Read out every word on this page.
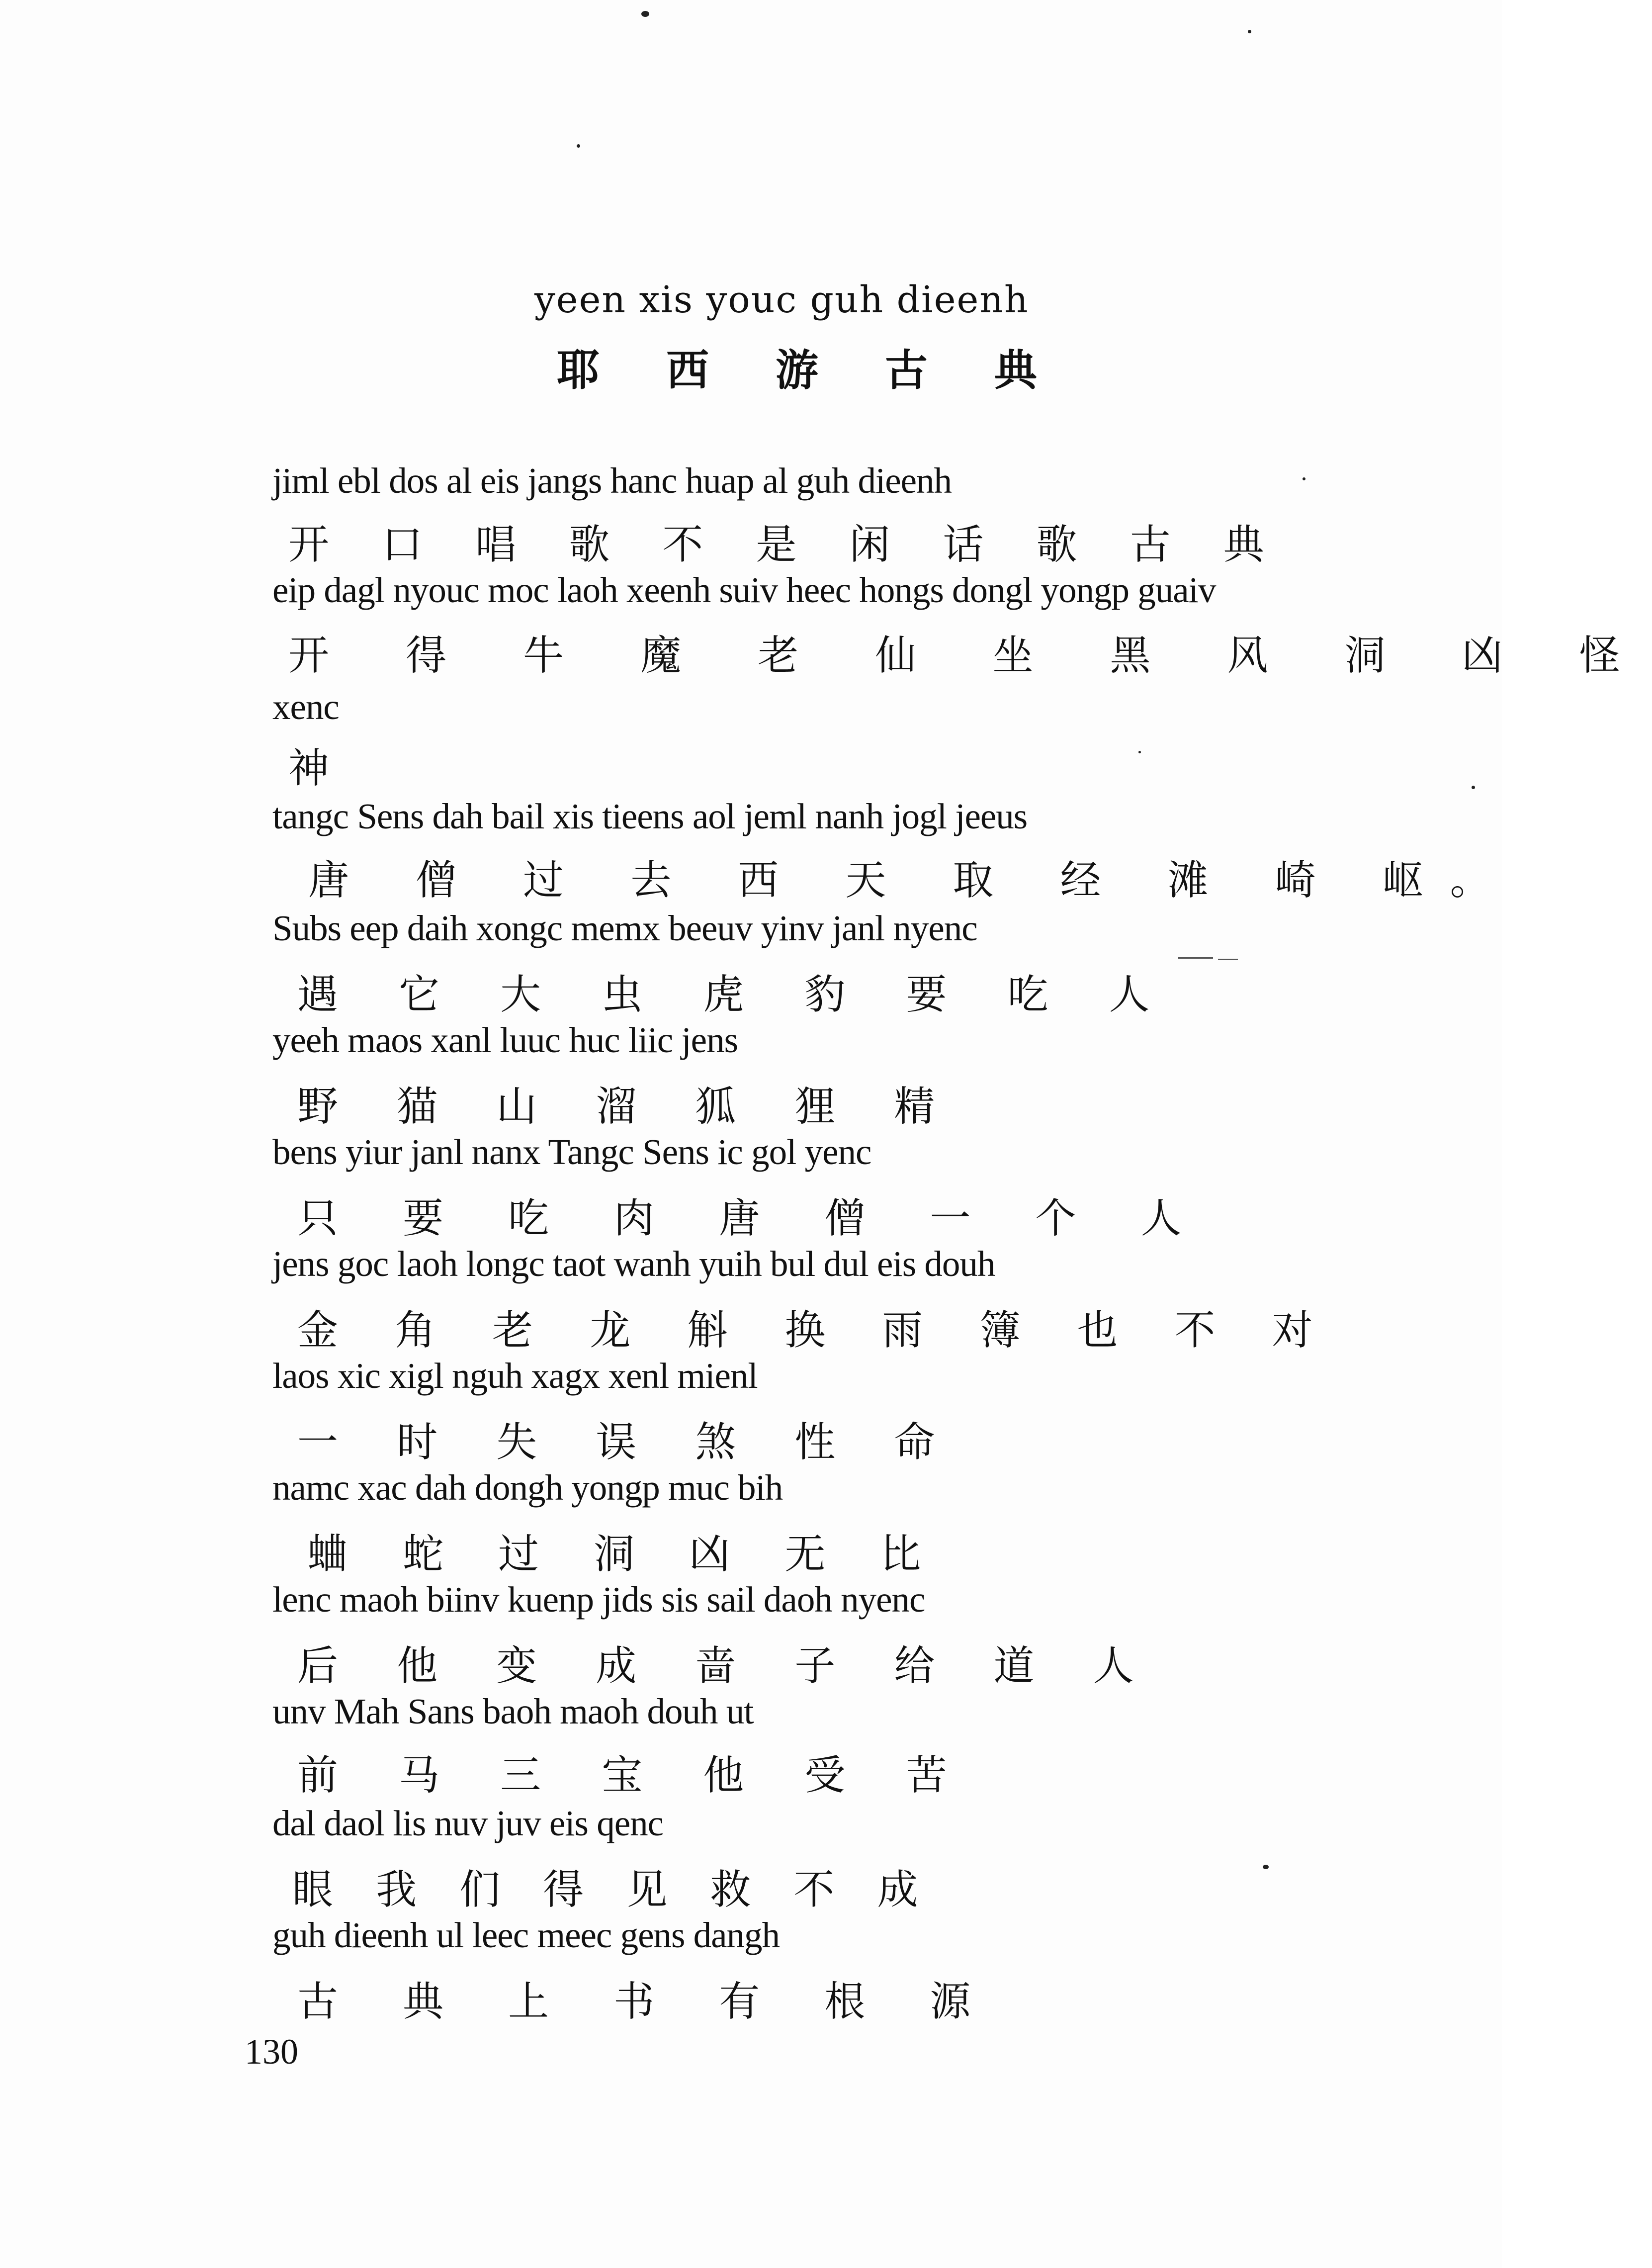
yeen xis youc guh dieenh
耶 西 游 古 典
jiml ebl dos al eis jangs hanc huap al guh dieenh
开 口 唱 歌 不 是 闲 话 歌 古 典
eip dagl nyouc moc laoh xeenh suiv heec hongs dongl yongp guaiv
开 得 牛 魔 老 仙 坐 黑 风 洞 凶 怪
xenc
神
tangc Sens dah bail xis tieens aol jeml nanh jogl jeeus
唐 僧 过 去 西 天 取 经 滩 崎 岖。
Subs eep daih xongc memx beeuv yinv janl nyenc
遇 它 大 虫 虎 豹 要 吃 人
yeeh maos xanl luuc huc liic jens
野 猫 山 溜 狐 狸 精
bens yiur janl nanx Tangc Sens ic gol yenc
只 要 吃 肉 唐 僧 一 个 人
jens goc laoh longc taot wanh yuih bul dul eis douh
金 角 老 龙 斛 换 雨 簿 也 不 对
laos xic xigl nguh xagx xenl mienl
一 时 失 误 煞 性 命
namc xac dah dongh yongp muc bih
蛐 蛇 过 洞 凶 无 比
lenc maoh biinv kuenp jids sis sail daoh nyenc
后 他 变 成 啬 子 给 道 人
unv Mah Sans baoh maoh douh ut
前 马 三 宝 他 受 苦
dal daol lis nuv juv eis qenc
眼 我 们 得 见 救 不 成
guh dieenh ul leec meec gens dangh
古 典 上 书 有 根 源
130
